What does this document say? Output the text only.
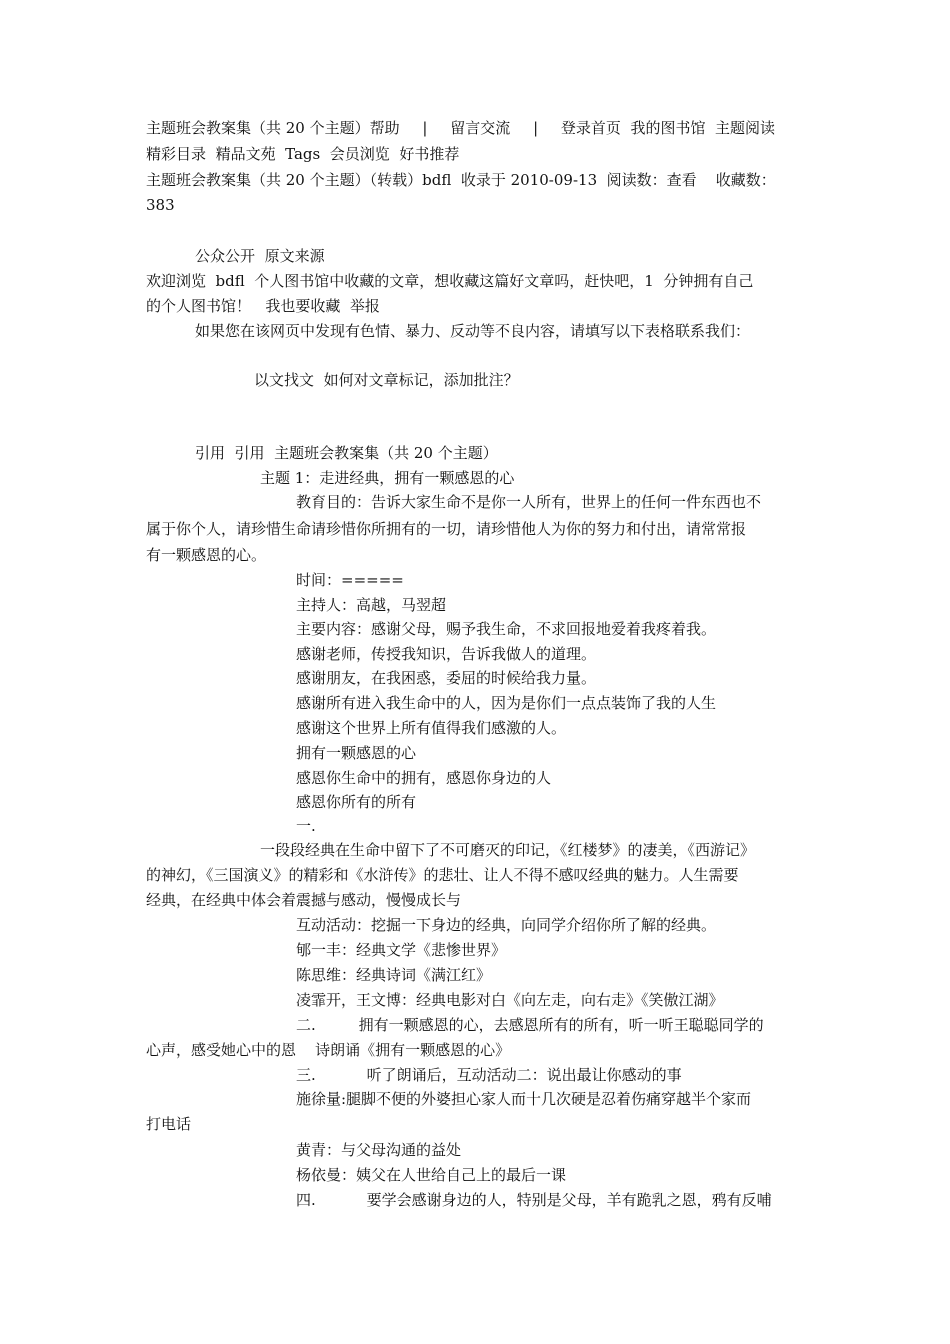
主题班会教案集（共 20 个主题）帮助 | 留言交流 | 登录首页 我的图书馆 主题阅读
精彩目录 精品文苑 Tags 会员浏览 好书推荐
主题班会教案集（共 20 个主题）（转载）bdfl  收录于 2010-09-13  阅读数：查看    收藏数：
383
公众公开 原文来源
欢迎浏览  bdfl  个人图书馆中收藏的文章，想收藏这篇好文章吗，赶快吧，1  分钟拥有自己
的个人图书馆！ 我也要收藏 举报
如果您在该网页中发现有色情、暴力、反动等不良内容，请填写以下表格联系我们：
以文找文 如何对文章标记，添加批注？
引用  引用  主题班会教案集（共 20 个主题）
主题 1：走进经典，拥有一颗感恩的心
教育目的：告诉大家生命不是你一人所有，世界上的任何一件东西也不
属于你个人，请珍惜生命请珍惜你所拥有的一切，请珍惜他人为你的努力和付出，请常常报
有一颗感恩的心。
时间：=====
主持人：高越，马翌超
主要内容：感谢父母，赐予我生命，不求回报地爱着我疼着我。
感谢老师，传授我知识，告诉我做人的道理。
感谢朋友，在我困惑，委屈的时候给我力量。
感谢所有进入我生命中的人，因为是你们一点点装饰了我的人生
感谢这个世界上所有值得我们感激的人。
拥有一颗感恩的心
感恩你生命中的拥有，感恩你身边的人
感恩你所有的所有
一.
一段段经典在生命中留下了不可磨灭的印记，《红楼梦》的凄美，《西游记》
的神幻，《三国演义》的精彩和《水浒传》的悲壮、让人不得不感叹经典的魅力。人生需要
经典，在经典中体会着震撼与感动，慢慢成长与
互动活动：挖掘一下身边的经典，向同学介绍你所了解的经典。
郇一丰：经典文学《悲惨世界》
陈思维：经典诗词《满江红》
凌霏开，王文博：经典电影对白《向左走，向右走》《笑傲江湖》
二.	拥有一颗感恩的心，去感恩所有的所有，听一听王聪聪同学的
心声，感受她心中的恩    诗朗诵《拥有一颗感恩的心》
三.	听了朗诵后，互动活动二：说出最让你感动的事
施徐量:腿脚不便的外婆担心家人而十几次硬是忍着伤痛穿越半个家而
打电话
黄青：与父母沟通的益处
杨依曼：姨父在人世给自己上的最后一课
四.	要学会感谢身边的人，特别是父母，羊有跪乳之恩，鸦有反哺
